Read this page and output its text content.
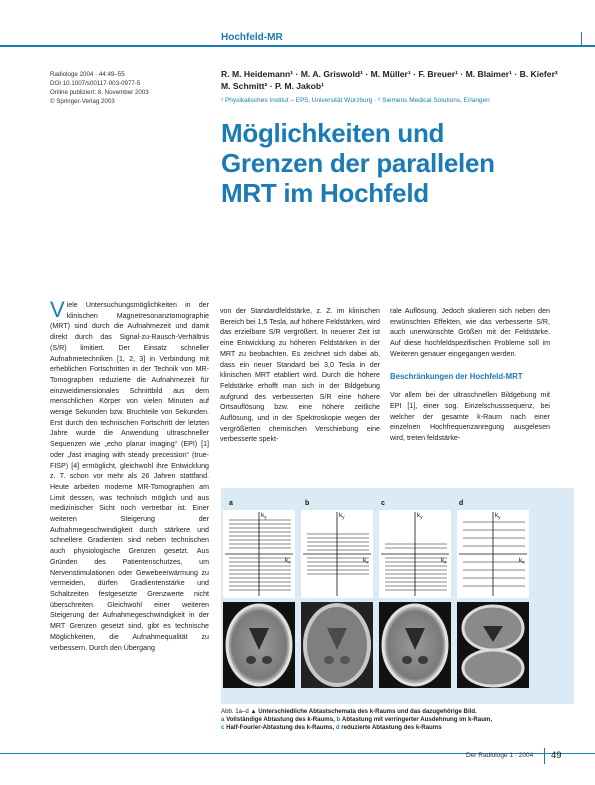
Hochfeld-MR
Radiologe 2004 · 44:49–55
DOI 10.1007/s00117-003-0977-5
Online publiziert: 8. November 2003
© Springer-Verlag 2003
R. M. Heidemann¹ · M. A. Griswold¹ · M. Müller¹ · F. Breuer¹ · M. Blaimer¹ · B. Kiefer²
M. Schmitt² · P. M. Jakob¹
¹ Physikalisches Institut – EP5, Universität Würzburg · ² Siemens Medical Solutions, Erlangen
Möglichkeiten und
Grenzen der parallelen
MRT im Hochfeld

Viele Untersuchungsmöglichkeiten in der klinischen Magnetresonanztomographie (MRT) sind durch die Aufnahmezeit und damit direkt durch das Signal-zu-Rausch-Verhältnis (S/R) limitiert. Der Einsatz schneller Aufnahmetechniken [1, 2, 3] in Verbindung mit erheblichen Fortschritten in der Technik von MR-Tomographen reduzierte die Aufnahmezeit für einzweidimensionales Schnittbild aus dem menschlichen Körper von vielen Minuten auf wenige Sekunden bzw. Bruchteile von Sekunden. Erst durch den technischen Fortschritt der letzten Jahre wurde die Anwendung ultraschneller Sequenzen wie „echo planar imaging“ (EPI) [1] oder „fast imaging with steady precession“ (true-FISP) [4] ermöglicht, gleichwohl ihre Entwicklung z. T. schon vor mehr als 26 Jahren stattfand. Heute arbeiten moderne MR-Tomographen am Limit dessen, was technisch möglich und aus medizinischer Sicht noch vertretbar ist. Einer weiteren Steigerung der Aufnahmegeschwindigkeit durch stärkere und schnellere Gradienten sind neben technischen auch physiologische Grenzen gesetzt. Aus Gründen des Patientenschutzes, um Nervenstimulationen oder Gewebeerwärmung zu vermeiden, dürfen Gradientenstärke und Schaltzeiten festgesetzte Grenzwerte nicht überschreiten. Gleichwohl einer weiteren Steigerung der Aufnahmegeschwindigkeit in der MRT Grenzen gesetzt sind, gibt es technische Möglichkeiten, die Aufnahmequalität zu verbessern. Durch den Übergang

von der Standardfeldstärke, z. Z. im klinischen Bereich bei 1,5 Tesla, auf höhere Feldstärken, wird das erzielbare S/R vergrößert. In neuerer Zeit ist eine Entwicklung zu höheren Feldstärken in der MRT zu beobachten. Es zeichnet sich dabei ab, dass ein neuer Standard bei 3,0 Tesla in der klinischen MRT etabliert wird. Durch die höhere Feldstärke erhofft man sich in der Bildgebung aufgrund des verbesserten S/R eine höhere Ortsauflösung bzw. eine höhere zeitliche Auflösung, und in der Spektroskopie wegen der vergrößerten chemischen Verschiebung eine verbesserte spekt-

rale Auflösung. Jedoch skalieren sich neben den erwünschten Effekten, wie das verbesserte S/R, auch unerwünschte Größen mit der Feldstärke. Auf diese hochfeldspezifischen Probleme soll im Weiteren genauer eingegangen werden.

Beschränkungen der Hochfeld-MRT

Vor allem bei der ultraschnellen Bildgebung mit EPI [1], einer sog. Einzelschusssequenz, bei welcher der gesamte k-Raum nach einer einzelnen Hochfrequenzanregung ausgelesen wird, treten feldstärke-

a
$k_y$
$k_x$
b
$k_y$
$k_x$
c
$k_y$
$k_x$
d
$k_y$
$k_x$
Abb. 1a–d ▲ Unterschiedliche Abtastschemata des k-Raums und das dazugehörige Bild.
a Vollständige Abtastung des k-Raums, b Abtastung mit verringerter Ausdehnung im k-Raum,
c Half-Fourier-Abtastung des k-Raums, d reduzierte Abtastung des k-Raums
Der Radiologe 1 · 2004 49
